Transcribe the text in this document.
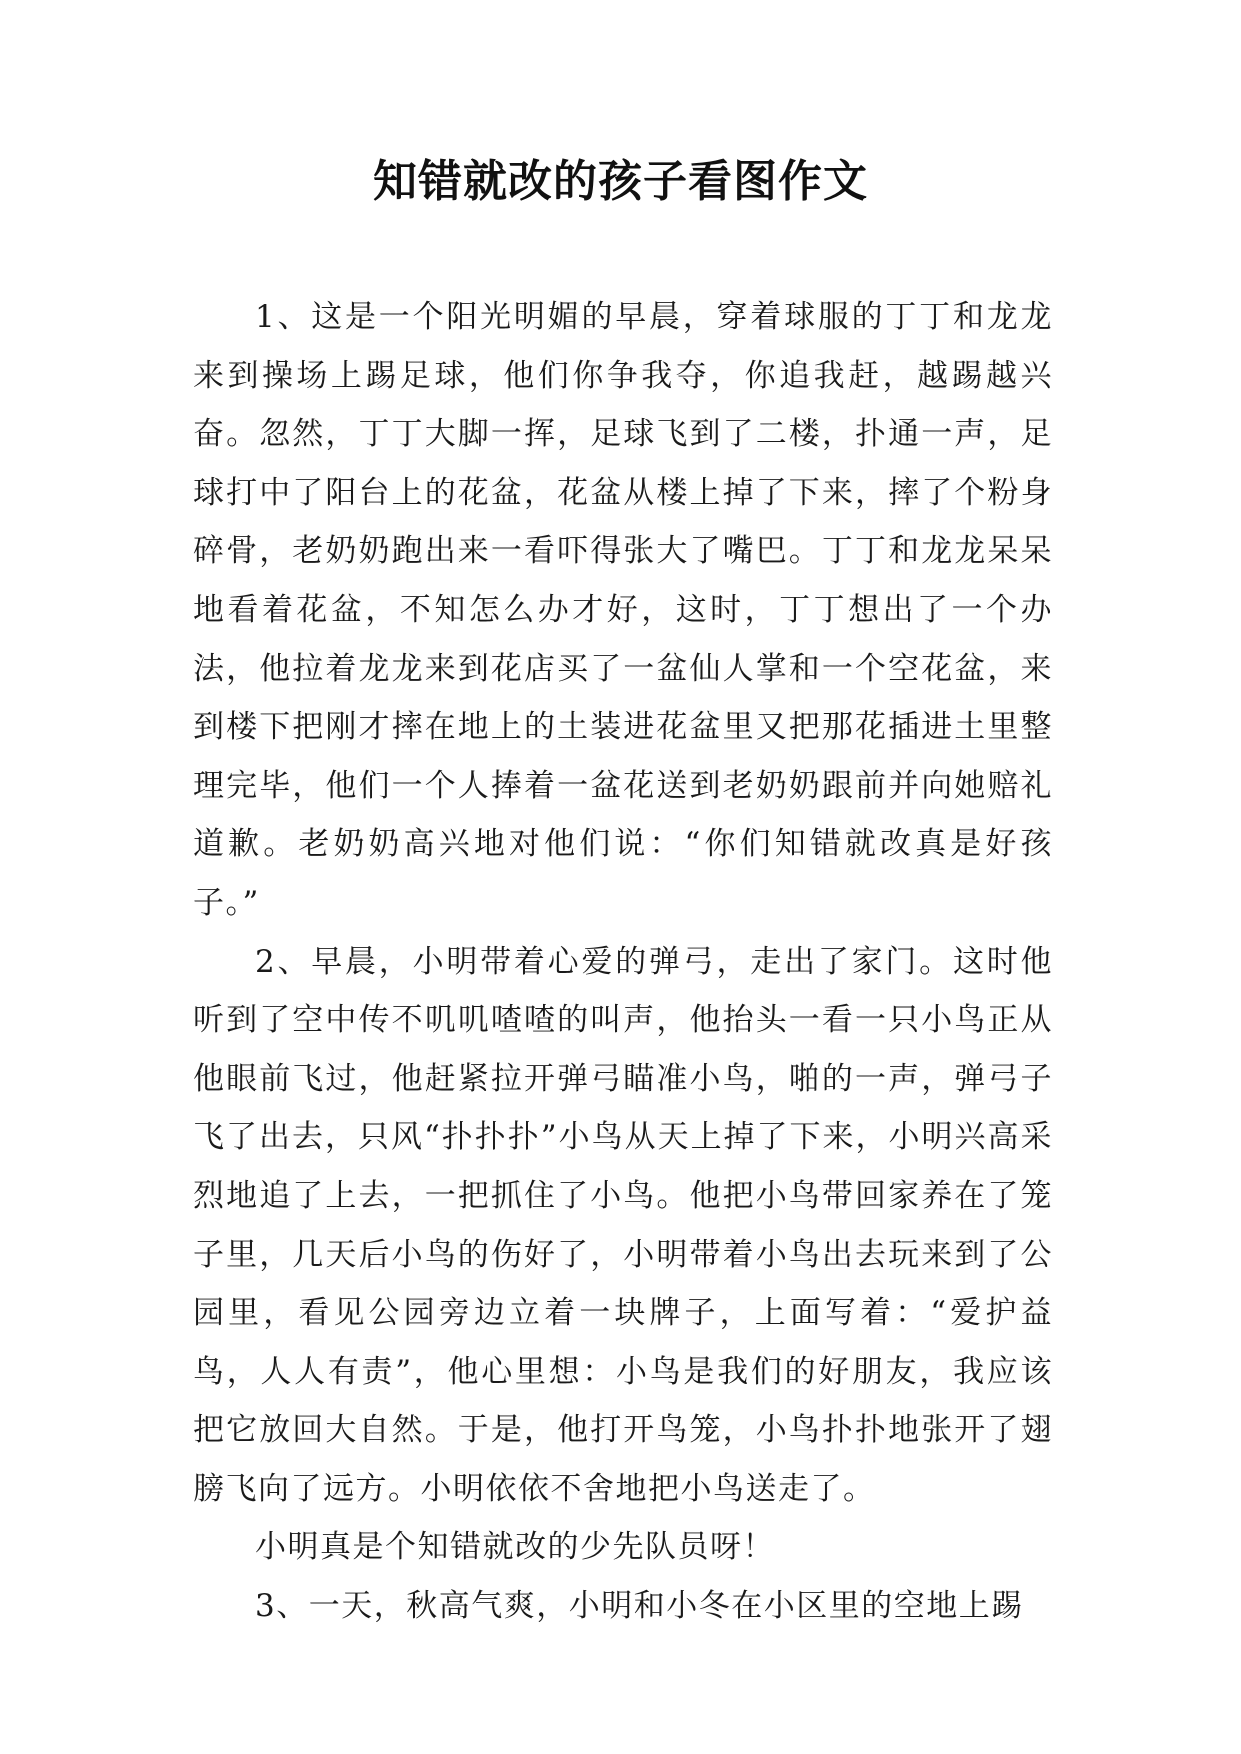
知错就改的孩子看图作文

1、这是一个阳光明媚的早晨，穿着球服的丁丁和龙龙来到操场上踢足球，他们你争我夺，你追我赶，越踢越兴奋。忽然，丁丁大脚一挥，足球飞到了二楼，扑通一声，足球打中了阳台上的花盆，花盆从楼上掉了下来，摔了个粉身碎骨，老奶奶跑出来一看吓得张大了嘴巴。丁丁和龙龙呆呆地看着花盆，不知怎么办才好，这时，丁丁想出了一个办法，他拉着龙龙来到花店买了一盆仙人掌和一个空花盆，来到楼下把刚才摔在地上的土装进花盆里又把那花插进土里整理完毕，他们一个人捧着一盆花送到老奶奶跟前并向她赔礼道歉。老奶奶高兴地对他们说：“你们知错就改真是好孩子。”

2、早晨，小明带着心爱的弹弓，走出了家门。这时他听到了空中传不叽叽喳喳的叫声，他抬头一看一只小鸟正从他眼前飞过，他赶紧拉开弹弓瞄准小鸟，啪的一声，弹弓子飞了出去，只风“扑扑扑”小鸟从天上掉了下来，小明兴高采烈地追了上去，一把抓住了小鸟。他把小鸟带回家养在了笼子里，几天后小鸟的伤好了，小明带着小鸟出去玩来到了公园里，看见公园旁边立着一块牌子，上面写着：“爱护益鸟，人人有责”，他心里想：小鸟是我们的好朋友，我应该把它放回大自然。于是，他打开鸟笼，小鸟扑扑地张开了翅膀飞向了远方。小明依依不舍地把小鸟送走了。

小明真是个知错就改的少先队员呀！

3、一天，秋高气爽，小明和小冬在小区里的空地上踢
